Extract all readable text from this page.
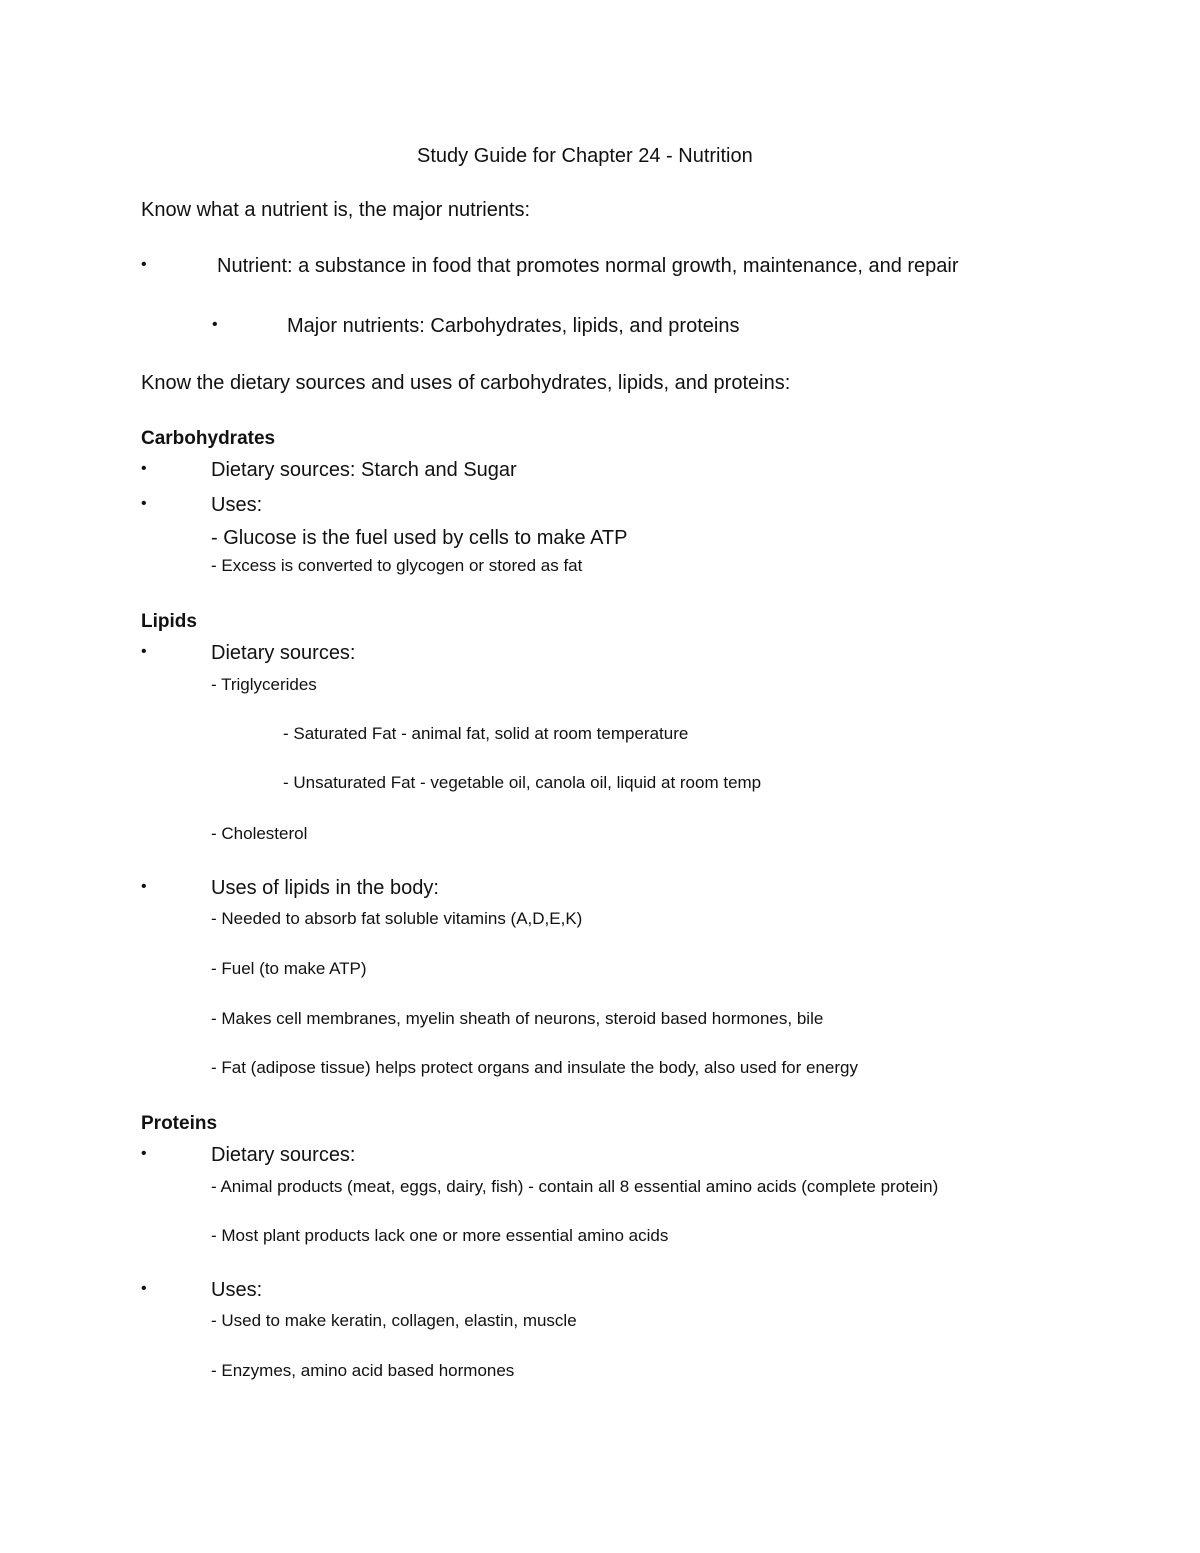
Study Guide for Chapter 24 - Nutrition
Know what a nutrient is, the major nutrients:
•	Nutrient: a substance in food that promotes normal growth, maintenance, and repair
•	Major nutrients: Carbohydrates, lipids, and proteins
Know the dietary sources and uses of carbohydrates, lipids, and proteins:
Carbohydrates
•	Dietary sources: Starch and Sugar
•	Uses:
- Glucose is the fuel used by cells to make ATP
- Excess is converted to glycogen or stored as fat
Lipids
•	Dietary sources:
- Triglycerides
- Saturated Fat - animal fat, solid at room temperature
- Unsaturated Fat - vegetable oil, canola oil, liquid at room temp
- Cholesterol
•	Uses of lipids in the body:
- Needed to absorb fat soluble vitamins (A,D,E,K)
- Fuel (to make ATP)
- Makes cell membranes, myelin sheath of neurons, steroid based hormones, bile
- Fat (adipose tissue) helps protect organs and insulate the body, also used for energy
Proteins
•	Dietary sources:
- Animal products (meat, eggs, dairy, fish) - contain all 8 essential amino acids (complete protein)
- Most plant products lack one or more essential amino acids
•	Uses:
- Used to make keratin, collagen, elastin, muscle
- Enzymes, amino acid based hormones
